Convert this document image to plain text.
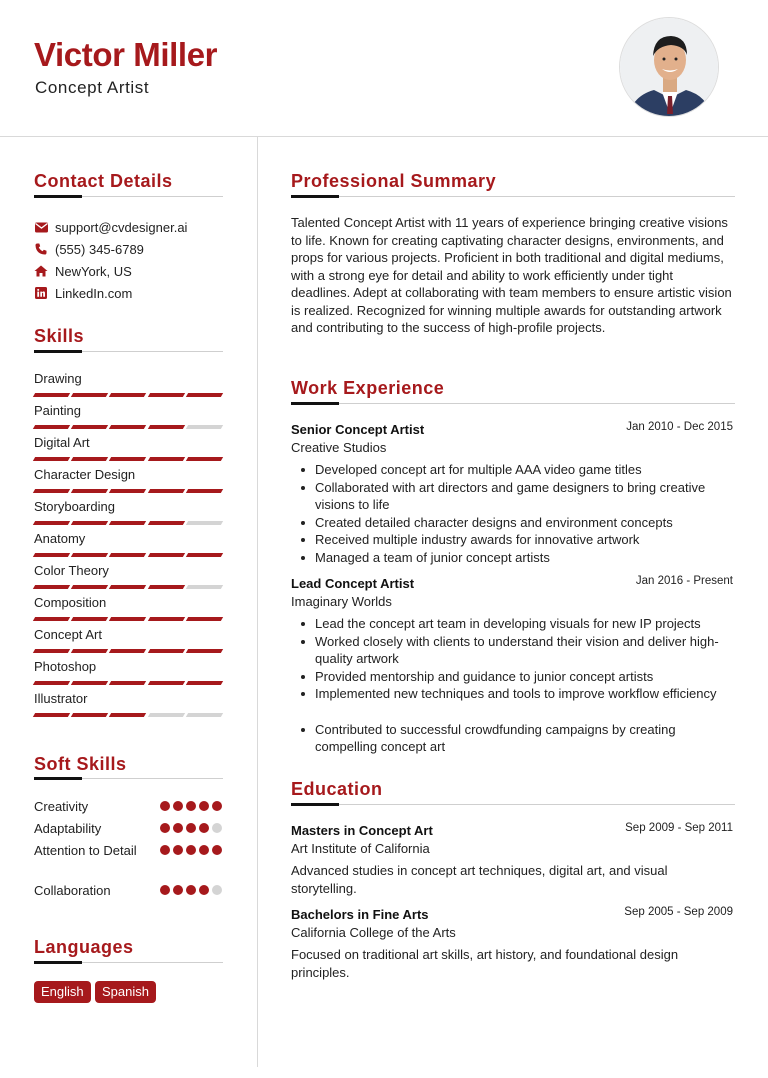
Victor Miller
Concept Artist
Contact Details
support@cvdesigner.ai
(555) 345-6789
NewYork, US
LinkedIn.com
Skills
Drawing
Painting
Digital Art
Character Design
Storyboarding
Anatomy
Color Theory
Composition
Concept Art
Photoshop
Illustrator
Soft Skills
Creativity
Adaptability
Attention to Detail
Collaboration
Languages
English	Spanish
Professional Summary
Talented Concept Artist with 11 years of experience bringing creative visions to life. Known for creating captivating character designs, environments, and props for various projects. Proficient in both traditional and digital mediums, with a strong eye for detail and ability to work efficiently under tight deadlines. Adept at collaborating with team members to ensure artistic vision is realized. Recognized for winning multiple awards for outstanding artwork and contributing to the success of high-profile projects.
Work Experience
Senior Concept Artist	Jan 2010 - Dec 2015
Creative Studios
Developed concept art for multiple AAA video game titles
Collaborated with art directors and game designers to bring creative visions to life
Created detailed character designs and environment concepts
Received multiple industry awards for innovative artwork
Managed a team of junior concept artists
Lead Concept Artist	Jan 2016 - Present
Imaginary Worlds
Lead the concept art team in developing visuals for new IP projects
Worked closely with clients to understand their vision and deliver high-quality artwork
Provided mentorship and guidance to junior concept artists
Implemented new techniques and tools to improve workflow efficiency
Contributed to successful crowdfunding campaigns by creating compelling concept art
Education
Masters in Concept Art	Sep 2009 - Sep 2011
Art Institute of California
Advanced studies in concept art techniques, digital art, and visual storytelling.
Bachelors in Fine Arts	Sep 2005 - Sep 2009
California College of the Arts
Focused on traditional art skills, art history, and foundational design principles.
